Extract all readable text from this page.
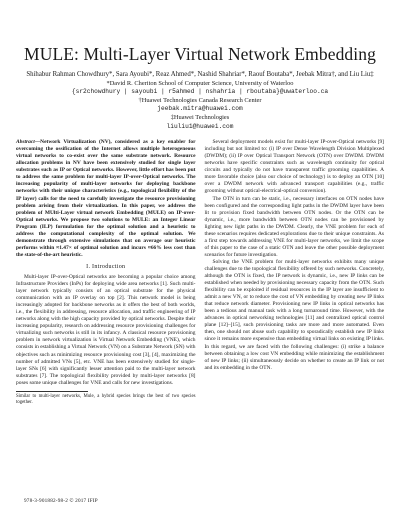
MULE: Multi-Layer Virtual Network Embedding
Shihabur Rahman Chowdhury*, Sara Ayoubi*, Reaz Ahmed*, Nashid Shahriar*, Raouf Boutaba*, Jeebak Mitra†, and Liu Liu‡
*David R. Cheriton School of Computer Science, University of Waterloo
{sr2chowdhury | sayoubi | r5ahmed | nshahria | rboutaba}@uwaterloo.ca
†Huawei Technologies Canada Research Center
jeebak.mitra@huawei.com
‡Huawei Technologies
liuliu1@huawei.com

Abstract—Network Virtualization (NV), considered as a key enabler for overcoming the ossification of the Internet allows multiple heterogeneous virtual networks to co-exist over the same substrate network. Resource allocation problems in NV have been extensively studied for single layer substrates such as IP or Optical networks. However, little effort has been put to address the same problem for multi-layer IP-over-Optical networks. The increasing popularity of multi-layer networks for deploying backbone networks with their unique characteristics (e.g., topological flexibility of the IP layer) calls for the need to carefully investigate the resource provisioning problem arising from their virtualization. In this paper, we address the problem of MUlti-Layer virtual network Embedding (MULE) on IP-over-Optical networks. We propose two solutions to MULE: an Integer Linear Program (ILP) formulation for the optimal solution and a heuristic to address the computational complexity of the optimal solution. We demonstrate through extensive simulations that on average our heuristic performs within ≈1.47× of optimal solution and incurs ≈66% less cost than the state-of-the-art heuristic.

I. Introduction

Multi-layer IP-over-Optical networks are becoming a popular choice among Infrastructure Providers (InPs) for deploying wide area networks [1]. Such multi-layer network typically consists of an optical substrate for the physical communication with an IP overlay on top [2]. This network model is being increasingly adopted for backbone networks as it offers the best of both worlds, i.e., the flexibility in addressing, resource allocation, and traffic engineering of IP networks along with the high capacity provided by optical networks. Despite their increasing popularity, research on addressing resource provisioning challenges for virtualizing such networks is still in its infancy. A classical resource provisioning problem in network virtualization is Virtual Network Embedding (VNE), which consists in establishing a Virtual Network (VN) on a Substrate Network (SN) with objectives such as minimizing resource provisioning cost [3], [4], maximizing the number of admitted VNs [5], etc. VNE has been extensively studied for single-layer SNs [6] with significantly lesser attention paid to the multi-layer network substrates [7]. The topological flexibility provided by multi-layer networks [8] poses some unique challenges for VNE and calls for new investigations.

Similar to multi-layer networks, Mule, a hybrid species brings the best of two species together.

Several deployment models exist for multi-layer IP-over-Optical networks [9] including but not limited to: (i) IP over Dense Wavelength Division Multiplexed (DWDM); (ii) IP over Optical Transport Network (OTN) over DWDM. DWDM networks have specific constraints such as wavelength continuity for optical circuits and typically do not have transparent traffic grooming capabilities. A more favorable choice (also our choice of technology) is to deploy an OTN [10] over a DWDM network with advanced transport capabilities (e.g., traffic grooming without optical-electrical-optical conversion).

The OTN in turn can be static, i.e., necessary interfaces on OTN nodes have been configured and the corresponding light paths in the DWDM layer have been lit to provision fixed bandwidth between OTN nodes. Or the OTN can be dynamic, i.e., more bandwidth between OTN nodes can be provisioned by lighting new light paths in the DWDM. Clearly, the VNE problem for each of these scenarios requires dedicated explorations due to their unique constraints. As a first step towards addressing VNE for multi-layer networks, we limit the scope of this paper to the case of a static OTN and leave the other possible deployment scenarios for future investigation.

Solving the VNE problem for multi-layer networks exhibits many unique challenges due to the topological flexibility offered by such networks. Concretely, although the OTN is fixed, the IP network is dynamic, i.e., new IP links can be established when needed by provisioning necessary capacity from the OTN. Such flexibility can be exploited if residual resources in the IP layer are insufficient to admit a new VN, or to reduce the cost of VN embedding by creating new IP links that reduce network diameter. Provisioning new IP links in optical networks has been a tedious and manual task with a long turnaround time. However, with the advances in optical networking technologies [11] and centralized optical control plane [12]–[15], such provisioning tasks are more and more automated. Even then, one should not abuse such capability to sporadically establish new IP links since it remains more expensive than embedding virtual links on existing IP links. In this regard, we are faced with the following challenges: (i) strike a balance between obtaining a low cost VN embedding while minimizing the establishment of new IP links; (ii) simultaneously decide on whether to create an IP link or not and its embedding in the OTN.

978-3-901882-98-2 © 2017 IFIP
